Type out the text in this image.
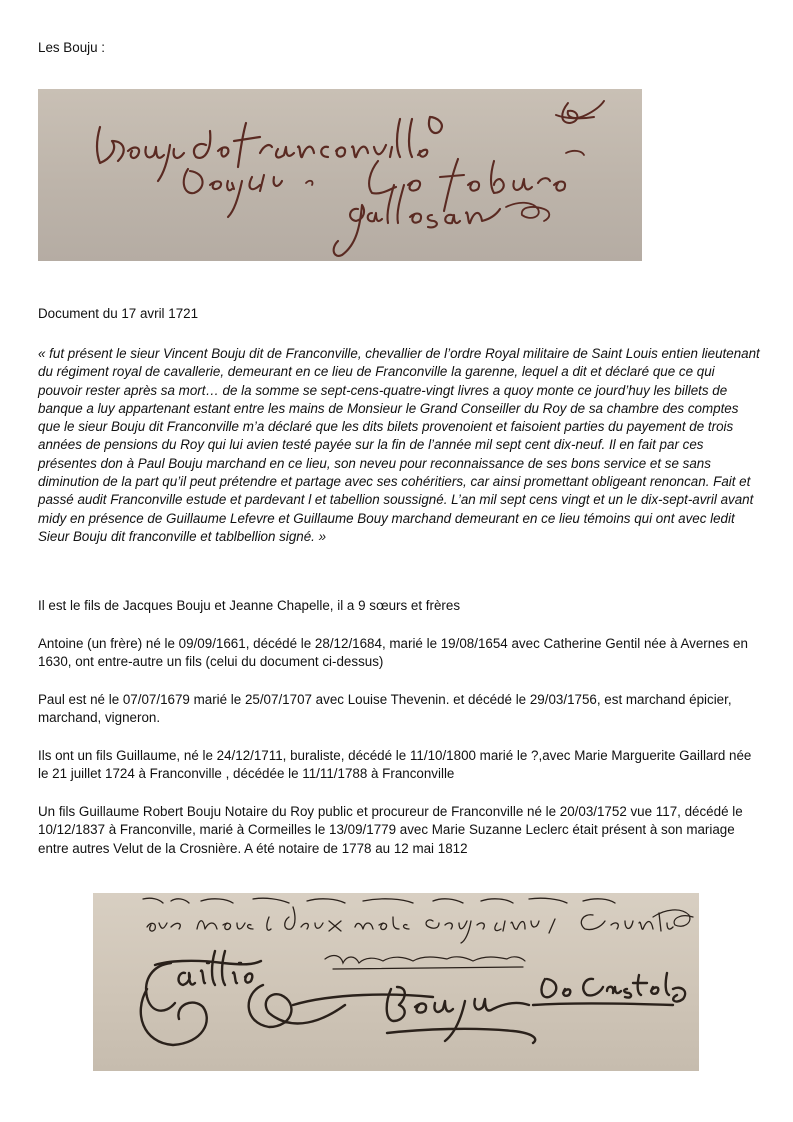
Les Bouju :
Document du 17 avril 1721

« fut présent le sieur Vincent Bouju dit de Franconville, chevallier de l’ordre Royal militaire de Saint Louis entien lieutenant du régiment royal de cavallerie, demeurant en ce lieu de Franconville la garenne, lequel a dit et déclaré que ce qui pouvoir rester après sa mort… de la somme se sept-cens-quatre-vingt livres a quoy monte ce jourd’huy les billets de banque a luy appartenant estant entre les mains de Monsieur le Grand Conseiller du Roy de sa chambre des comptes que le sieur Bouju dit Franconville m’a déclaré que les dits bilets provenoient et faisoient parties du payement de trois années de pensions du Roy qui lui avien testé payée sur la fin de l’année mil sept cent dix-neuf. Il en fait par ces présentes don à Paul Bouju marchand en ce lieu, son neveu pour reconnaissance de ses bons service et se sans diminution de la part qu’il peut prétendre et partage avec ses cohéritiers, car ainsi promettant obligeant renoncan. Fait et passé audit Franconville estude et pardevant l et tabellion soussigné. L’an mil sept cens vingt et un le dix-sept-avril avant midy en présence de Guillaume Lefevre et Guillaume Bouy marchand demeurant en ce lieu témoins qui ont avec ledit Sieur Bouju dit franconville et tablbellion signé. »

Il est le fils de Jacques Bouju et Jeanne Chapelle, il a 9 sœurs et frères

Antoine (un frère) né le 09/09/1661, décédé le 28/12/1684, marié le 19/08/1654 avec Catherine Gentil née à Avernes en 1630, ont entre-autre un fils (celui du document ci-dessus)

Paul est né le 07/07/1679 marié le 25/07/1707 avec Louise Thevenin. et décédé le 29/03/1756, est marchand épicier, marchand, vigneron.

Ils ont un fils Guillaume, né le 24/12/1711, buraliste, décédé le 11/10/1800 marié le ?,avec Marie Marguerite Gaillard née le 21 juillet 1724 à Franconville , décédée le 11/11/1788 à Franconville

Un fils Guillaume Robert Bouju Notaire du Roy public et procureur de Franconville né le 20/03/1752 vue 117, décédé le 10/12/1837 à Franconville, marié à Cormeilles le 13/09/1779 avec Marie Suzanne Leclerc était présent à son mariage entre autres Velut de la Crosnière. A été notaire de 1778 au 12 mai 1812
